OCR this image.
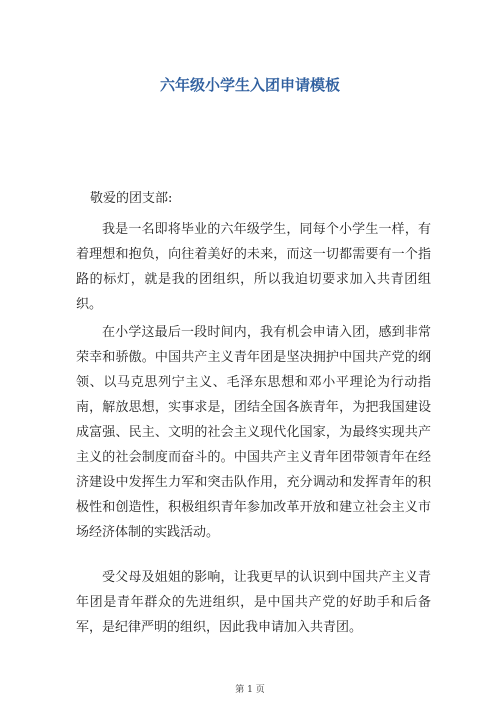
六年级小学生入团申请模板

敬爱的团支部:

我是一名即将毕业的六年级学生，同每个小学生一样，有着理想和抱负，向往着美好的未来，而这一切都需要有一个指路的标灯，就是我的团组织，所以我迫切要求加入共青团组织。

在小学这最后一段时间内，我有机会申请入团，感到非常荣幸和骄傲。中国共产主义青年团是坚决拥护中国共产党的纲领、以马克思列宁主义、毛泽东思想和邓小平理论为行动指南，解放思想，实事求是，团结全国各族青年，为把我国建设成富强、民主、文明的社会主义现代化国家，为最终实现共产主义的社会制度而奋斗的。中国共产主义青年团带领青年在经济建设中发挥生力军和突击队作用，充分调动和发挥青年的积极性和创造性，积极组织青年参加改革开放和建立社会主义市场经济体制的实践活动。

受父母及姐姐的影响，让我更早的认识到中国共产主义青年团是青年群众的先进组织，是中国共产党的好助手和后备军，是纪律严明的组织，因此我申请加入共青团。

第 1 页
